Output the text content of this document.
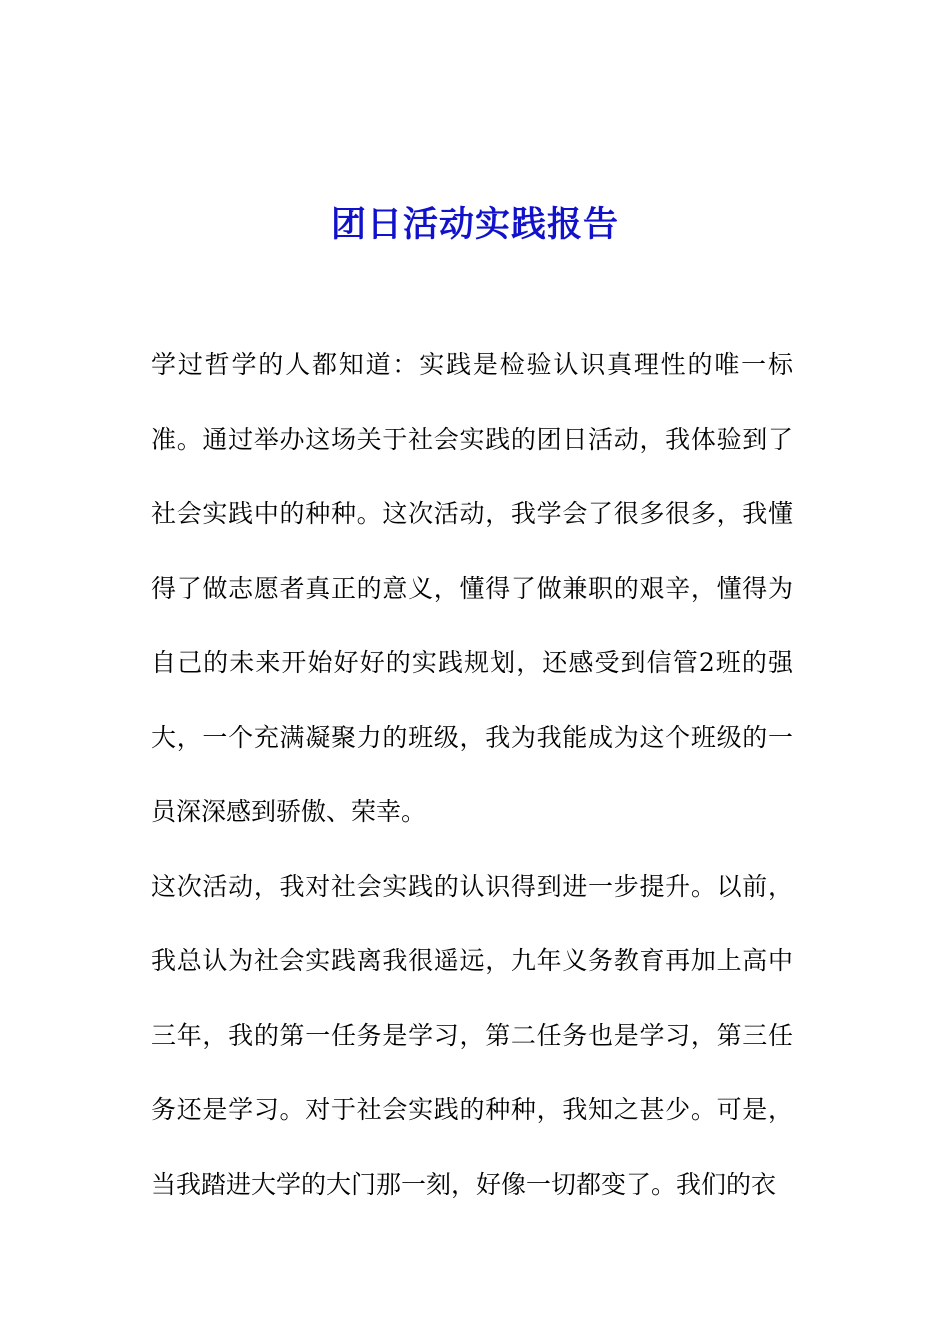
团日活动实践报告

学过哲学的人都知道：实践是检验认识真理性的唯一标准。通过举办这场关于社会实践的团日活动，我体验到了社会实践中的种种。这次活动，我学会了很多很多，我懂得了做志愿者真正的意义，懂得了做兼职的艰辛，懂得为自己的未来开始好好的实践规划，还感受到信管2班的强大，一个充满凝聚力的班级，我为我能成为这个班级的一员深深感到骄傲、荣幸。

这次活动，我对社会实践的认识得到进一步提升。以前，我总认为社会实践离我很遥远，九年义务教育再加上高中三年，我的第一任务是学习，第二任务也是学习，第三任务还是学习。对于社会实践的种种，我知之甚少。可是，当我踏进大学的大门那一刻，好像一切都变了。我们的衣
